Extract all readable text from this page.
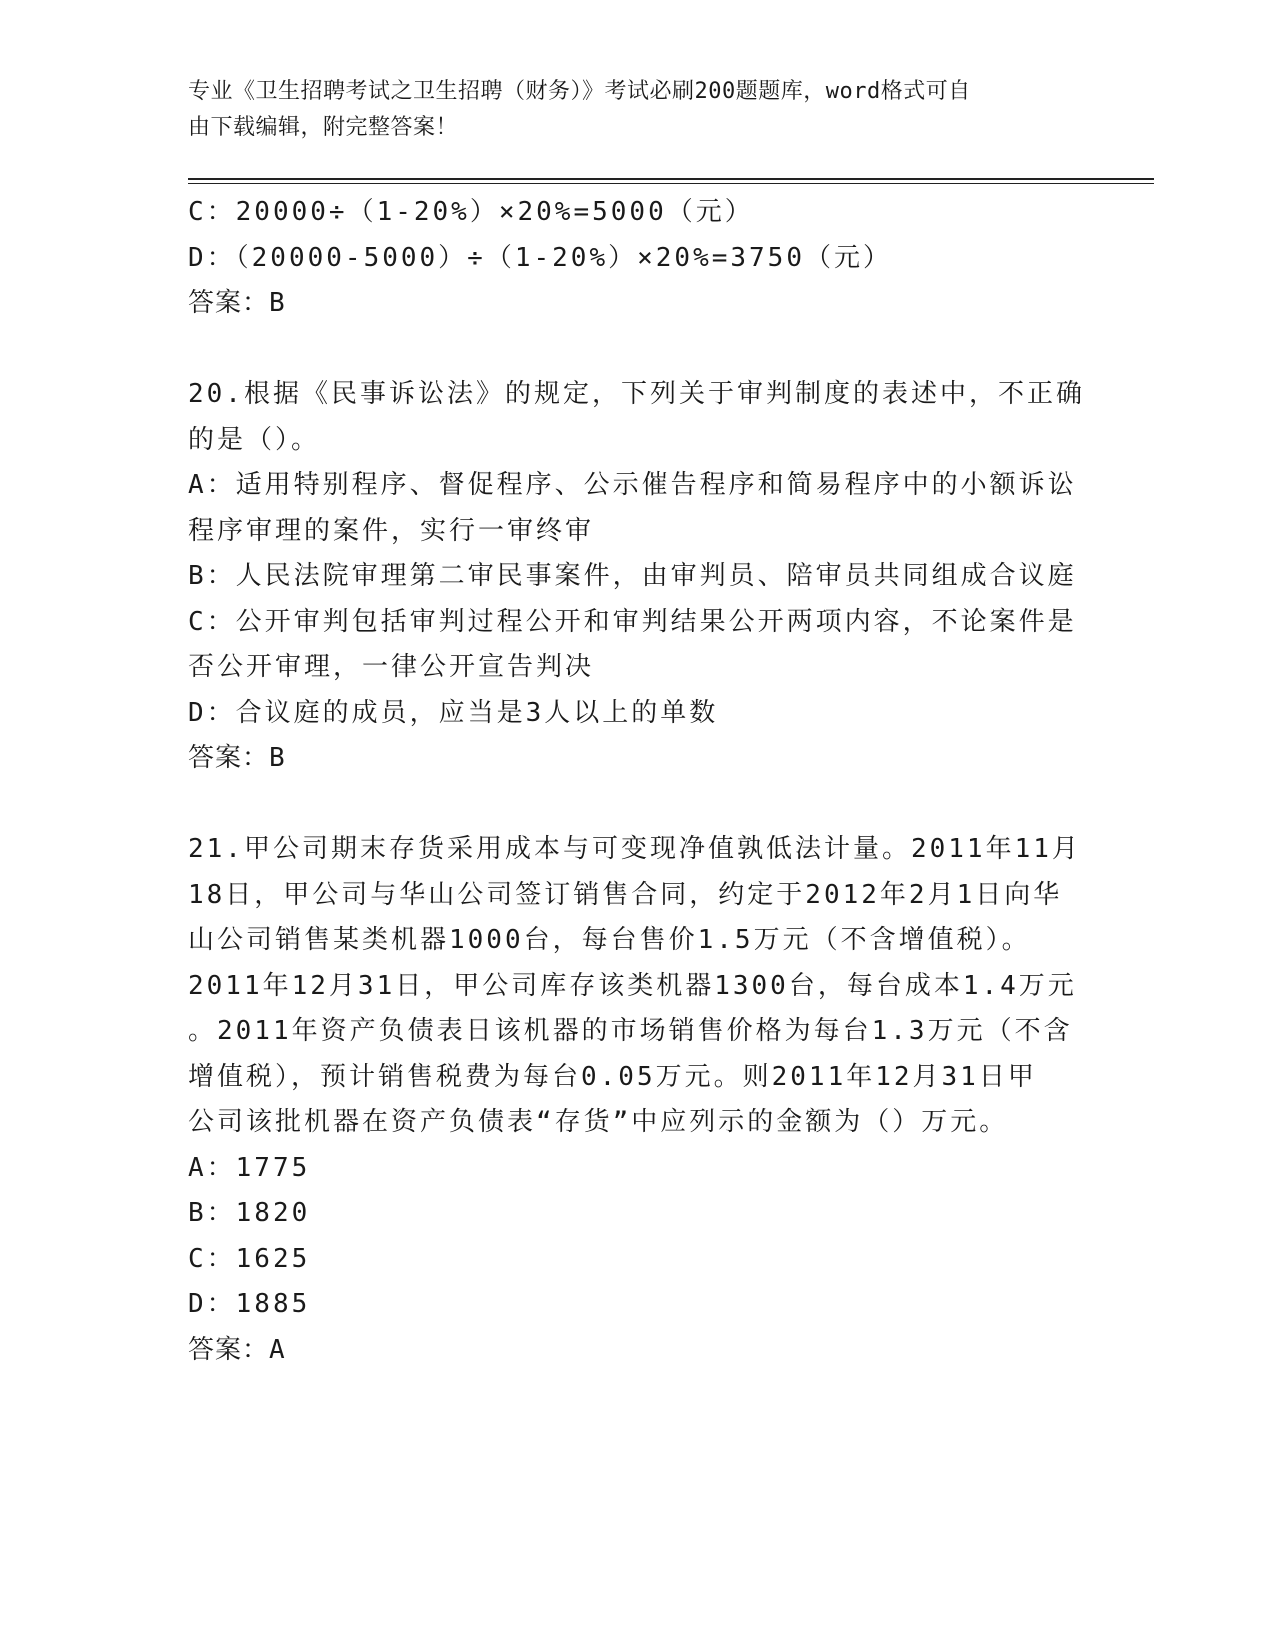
专业《卫生招聘考试之卫生招聘（财务）》考试必刷200题题库，word格式可自
由下载编辑，附完整答案！
C：20000÷（1-20%）×20%=5000（元）
D：（20000-5000）÷（1-20%）×20%=3750（元）
答案：B
20.根据《民事诉讼法》的规定，下列关于审判制度的表述中，不正确
的是（）。
A：适用特别程序、督促程序、公示催告程序和简易程序中的小额诉讼
程序审理的案件，实行一审终审
B：人民法院审理第二审民事案件，由审判员、陪审员共同组成合议庭
C：公开审判包括审判过程公开和审判结果公开两项内容，不论案件是
否公开审理，一律公开宣告判决
D：合议庭的成员，应当是3人以上的单数
答案：B
21.甲公司期末存货采用成本与可变现净值孰低法计量。2011年11月
18日，甲公司与华山公司签订销售合同，约定于2012年2月1日向华
山公司销售某类机器1000台，每台售价1.5万元（不含增值税）。
2011年12月31日，甲公司库存该类机器1300台，每台成本1.4万元
。2011年资产负债表日该机器的市场销售价格为每台1.3万元（不含
增值税），预计销售税费为每台0.05万元。则2011年12月31日甲
公司该批机器在资产负债表“存货”中应列示的金额为（）万元。
A：1775
B：1820
C：1625
D：1885
答案：A
